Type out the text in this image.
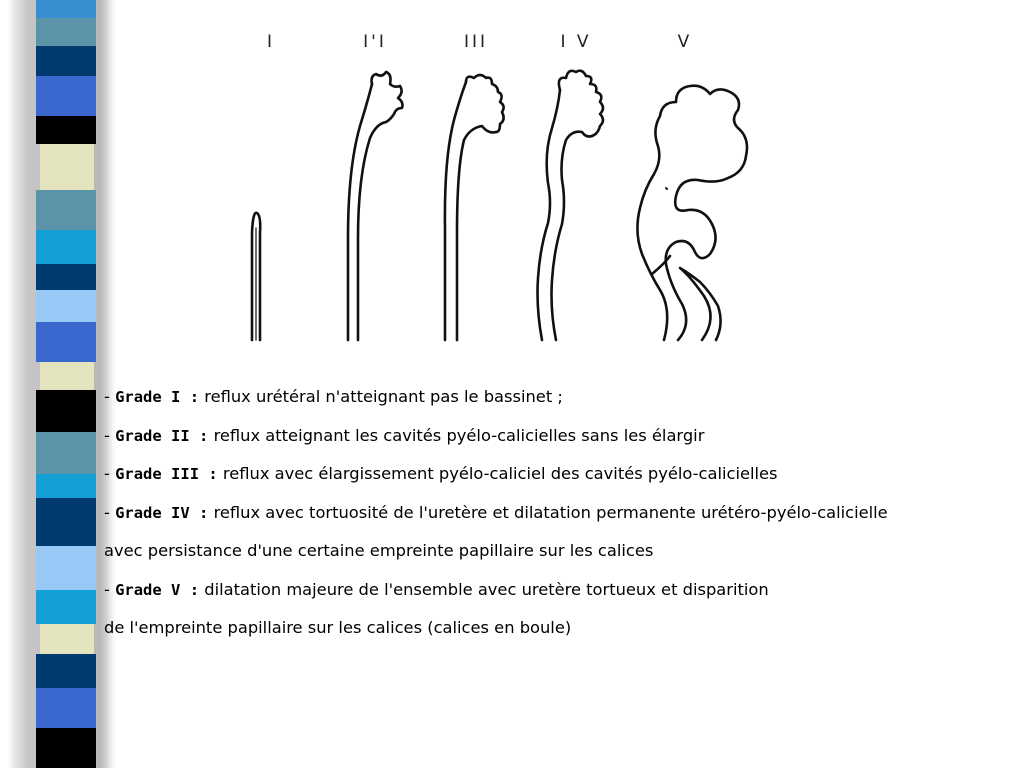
I	I'I	III	I V	V
- Grade I : reflux urétéral n'atteignant pas le bassinet ;
- Grade II : reflux atteignant les cavités pyélo-calicielles sans les élargir
- Grade III : reflux avec élargissement pyélo-caliciel des cavités pyélo-calicielles
- Grade IV : reflux avec tortuosité de l'uretère et dilatation permanente urétéro-pyélo-calicielle
avec persistance d'une certaine empreinte papillaire sur les calices
- Grade V : dilatation majeure de l'ensemble avec uretère tortueux et disparition
de l'empreinte papillaire sur les calices (calices en boule)
